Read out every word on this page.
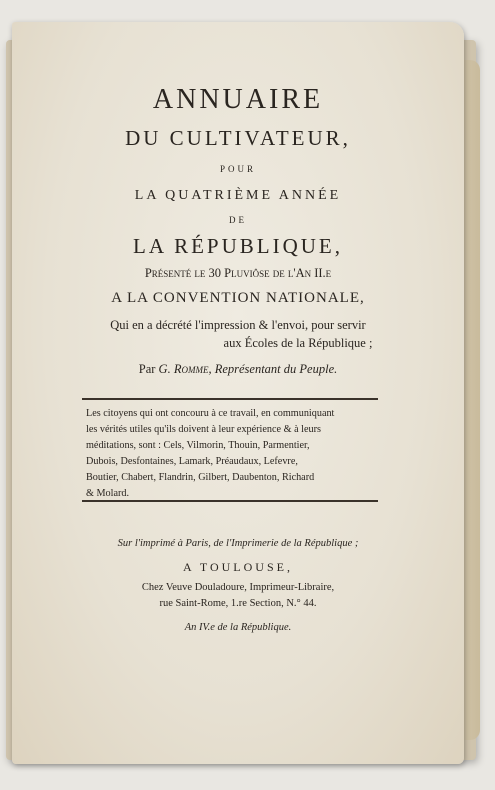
ANNUAIRE
DU CULTIVATEUR,
POUR
LA QUATRIÈME ANNÉE
DE
LA RÉPUBLIQUE,
Présenté le 30 Pluviôse de l'An II.e
A LA CONVENTION NATIONALE,
Qui en a décrété l'impression & l'envoi, pour servir
aux Écoles de la République ;
Par G. Romme, Représentant du Peuple.
Les citoyens qui ont concouru à ce travail, en communiquant
les vérités utiles qu'ils doivent à leur expérience & à leurs
méditations, sont : Cels, Vilmorin, Thouin, Parmentier,
Dubois, Desfontaines, Lamark, Préaudaux, Lefevre,
Boutier, Chabert, Flandrin, Gilbert, Daubenton, Richard
& Molard.
Sur l'imprimé à Paris, de l'Imprimerie de la République ;
A TOULOUSE,
Chez Veuve Douladoure, Imprimeur-Libraire,
rue Saint-Rome, 1.re Section, N.° 44.
An IV.e de la République.
